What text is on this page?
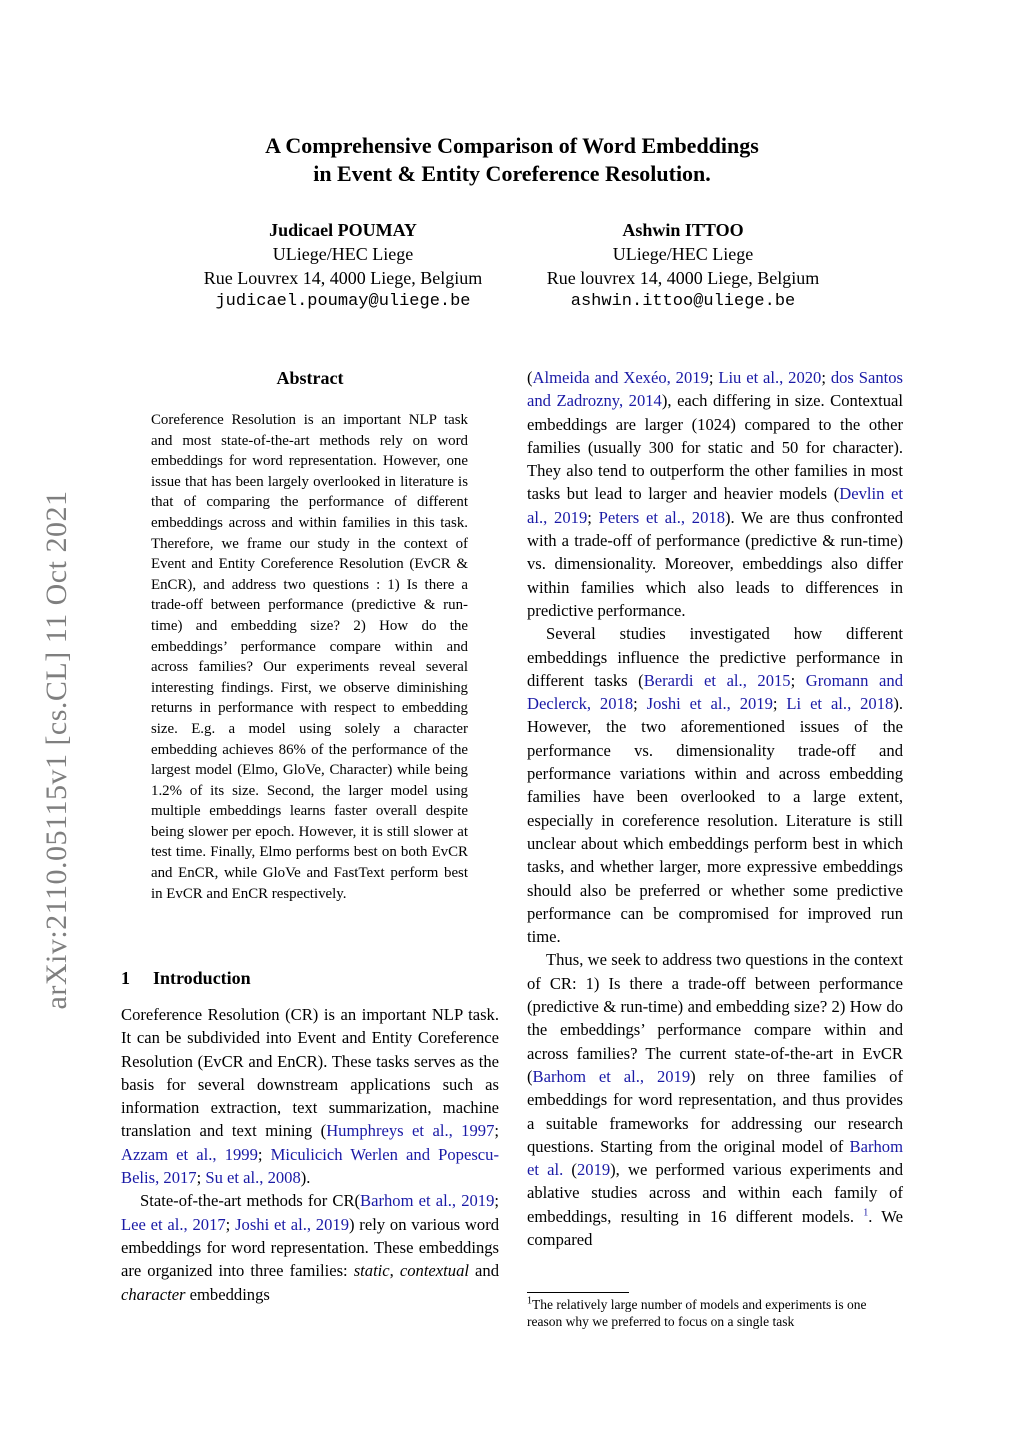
arXiv:2110.05115v1 [cs.CL] 11 Oct 2021
A Comprehensive Comparison of Word Embeddings
in Event & Entity Coreference Resolution.
Judicael POUMAY
ULiege/HEC Liege
Rue Louvrex 14, 4000 Liege, Belgium
judicael.poumay@uliege.be
Ashwin ITTOO
ULiege/HEC Liege
Rue louvrex 14, 4000 Liege, Belgium
ashwin.ittoo@uliege.be
Abstract
Coreference Resolution is an important NLP task and most state-of-the-art methods rely on word embeddings for word representation. However, one issue that has been largely overlooked in literature is that of comparing the performance of different embeddings across and within families in this task. Therefore, we frame our study in the context of Event and Entity Coreference Resolution (EvCR & EnCR), and address two questions : 1) Is there a trade-off between performance (predictive & run-time) and embedding size? 2) How do the embeddings’ performance compare within and across families? Our experiments reveal several interesting findings. First, we observe diminishing returns in performance with respect to embedding size. E.g. a model using solely a character embedding achieves 86% of the performance of the largest model (Elmo, GloVe, Character) while being 1.2% of its size. Second, the larger model using multiple embeddings learns faster overall despite being slower per epoch. However, it is still slower at test time. Finally, Elmo performs best on both EvCR and EnCR, while GloVe and FastText perform best in EvCR and EnCR respectively.
1 Introduction

Coreference Resolution (CR) is an important NLP task. It can be subdivided into Event and Entity Coreference Resolution (EvCR and EnCR). These tasks serves as the basis for several downstream applications such as information extraction, text summarization, machine translation and text mining (Humphreys et al., 1997; Azzam et al., 1999; Miculicich Werlen and Popescu-Belis, 2017; Su et al., 2008).

State-of-the-art methods for CR(Barhom et al., 2019; Lee et al., 2017; Joshi et al., 2019) rely on various word embeddings for word representation. These embeddings are organized into three families: static, contextual and character embeddings

(Almeida and Xexéo, 2019; Liu et al., 2020; dos Santos and Zadrozny, 2014), each differing in size. Contextual embeddings are larger (1024) compared to the other families (usually 300 for static and 50 for character). They also tend to outperform the other families in most tasks but lead to larger and heavier models (Devlin et al., 2019; Peters et al., 2018). We are thus confronted with a trade-off of performance (predictive & run-time) vs. dimensionality. Moreover, embeddings also differ within families which also leads to differences in predictive performance.

Several studies investigated how different embeddings influence the predictive performance in different tasks (Berardi et al., 2015; Gromann and Declerck, 2018; Joshi et al., 2019; Li et al., 2018). However, the two aforementioned issues of the performance vs. dimensionality trade-off and performance variations within and across embedding families have been overlooked to a large extent, especially in coreference resolution. Literature is still unclear about which embeddings perform best in which tasks, and whether larger, more expressive embeddings should also be preferred or whether some predictive performance can be compromised for improved run time.

Thus, we seek to address two questions in the context of CR: 1) Is there a trade-off between performance (predictive & run-time) and embedding size? 2) How do the embeddings’ performance compare within and across families? The current state-of-the-art in EvCR (Barhom et al., 2019) rely on three families of embeddings for word representation, and thus provides a suitable frameworks for addressing our research questions. Starting from the original model of Barhom et al. (2019), we performed various experiments and ablative studies across and within each family of embeddings, resulting in 16 different models. $^1$. We compared

$^1$The relatively large number of models and experiments is one reason why we preferred to focus on a single task
